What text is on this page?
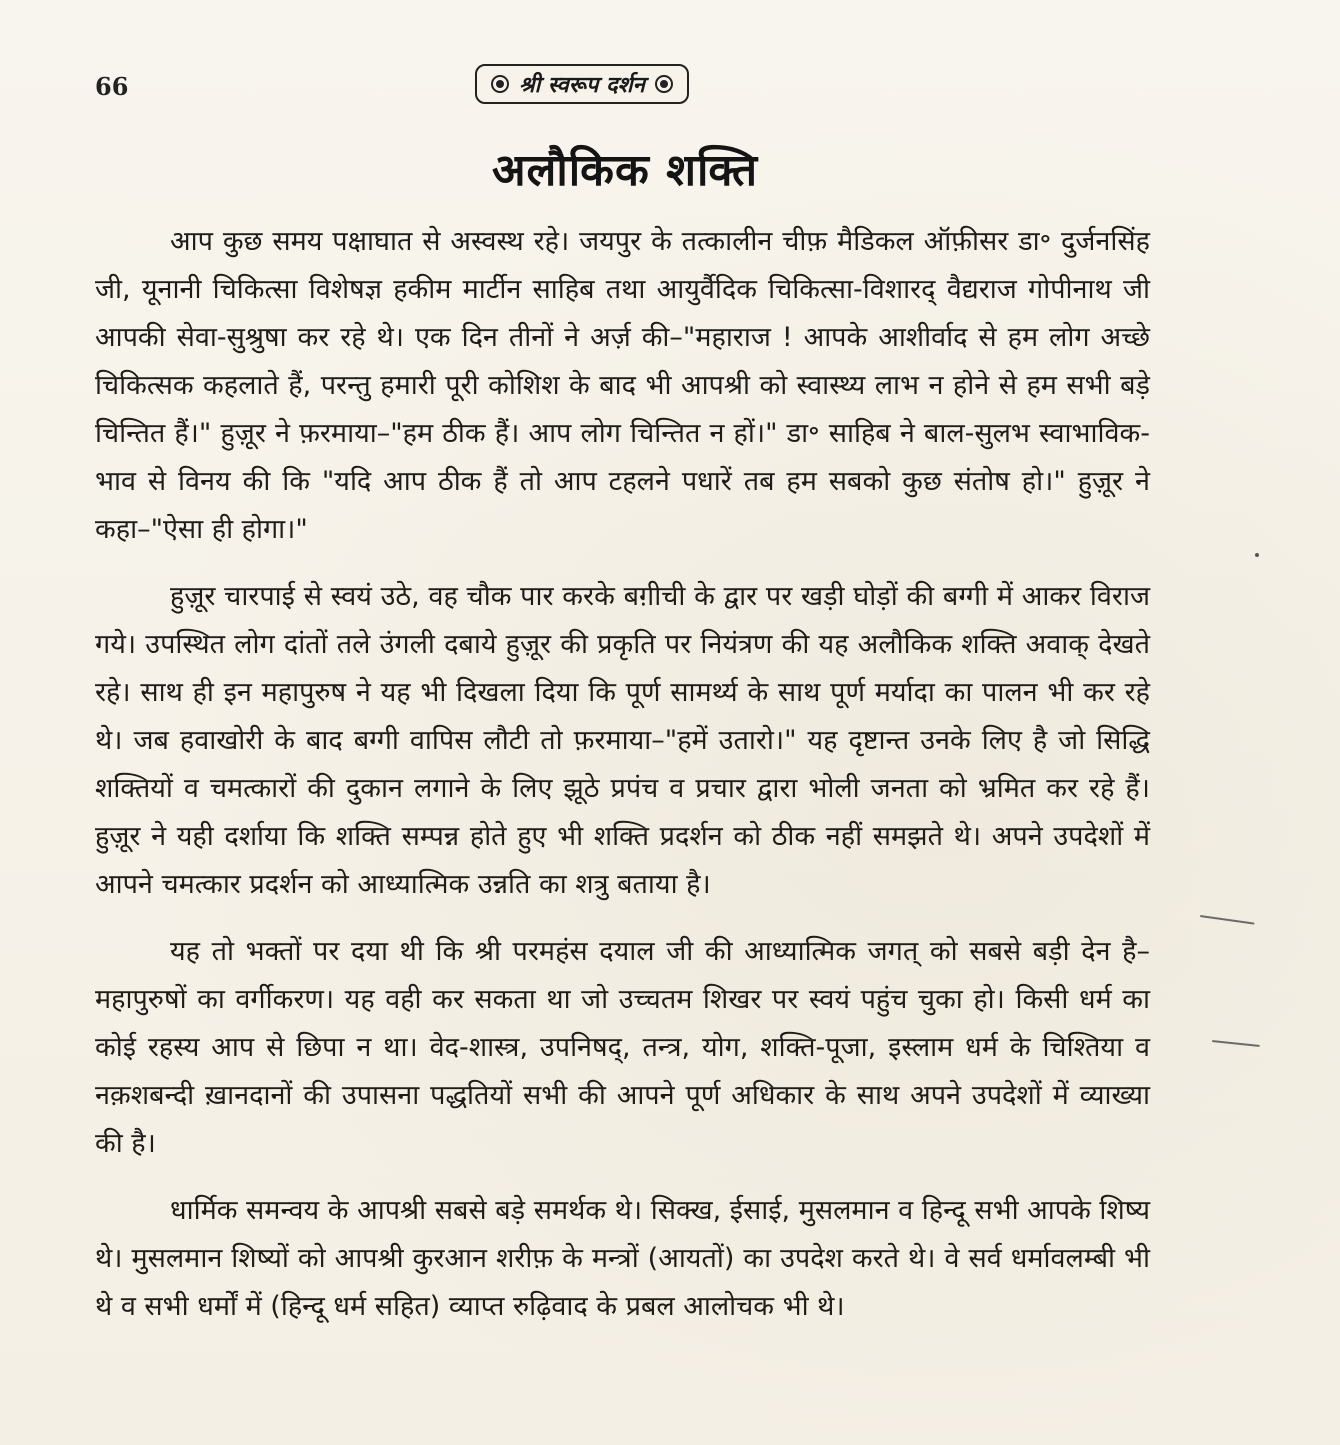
66	श्री स्वरूप दर्शन
अलौकिक शक्ति

आप कुछ समय पक्षाघात से अस्वस्थ रहे। जयपुर के तत्कालीन चीफ़ मैडिकल ऑफ़ीसर डा॰ दुर्जनसिंह जी, यूनानी चिकित्सा विशेषज्ञ हकीम मार्टीन साहिब तथा आयुर्वैदिक चिकित्सा-विशारद् वैद्यराज गोपीनाथ जी आपकी सेवा-सुश्रुषा कर रहे थे। एक दिन तीनों ने अर्ज़ की–"महाराज ! आपके आशीर्वाद से हम लोग अच्छे चिकित्सक कहलाते हैं, परन्तु हमारी पूरी कोशिश के बाद भी आपश्री को स्वास्थ्य लाभ न होने से हम सभी बड़े चिन्तित हैं।" हुज़ूर ने फ़रमाया–"हम ठीक हैं। आप लोग चिन्तित न हों।" डा॰ साहिब ने बाल-सुलभ स्वाभाविक-भाव से विनय की कि "यदि आप ठीक हैं तो आप टहलने पधारें तब हम सबको कुछ संतोष हो।" हुज़ूर ने कहा–"ऐसा ही होगा।"

हुज़ूर चारपाई से स्वयं उठे, वह चौक पार करके बग़ीची के द्वार पर खड़ी घोड़ों की बग्गी में आकर विराज गये। उपस्थित लोग दांतों तले उंगली दबाये हुज़ूर की प्रकृति पर नियंत्रण की यह अलौकिक शक्ति अवाक् देखते रहे। साथ ही इन महापुरुष ने यह भी दिखला दिया कि पूर्ण सामर्थ्य के साथ पूर्ण मर्यादा का पालन भी कर रहे थे। जब हवाखोरी के बाद बग्गी वापिस लौटी तो फ़रमाया–"हमें उतारो।" यह दृष्टान्त उनके लिए है जो सिद्धि शक्तियों व चमत्कारों की दुकान लगाने के लिए झूठे प्रपंच व प्रचार द्वारा भोली जनता को भ्रमित कर रहे हैं। हुज़ूर ने यही दर्शाया कि शक्ति सम्पन्न होते हुए भी शक्ति प्रदर्शन को ठीक नहीं समझते थे। अपने उपदेशों में आपने चमत्कार प्रदर्शन को आध्यात्मिक उन्नति का शत्रु बताया है।

यह तो भक्तों पर दया थी कि श्री परमहंस दयाल जी की आध्यात्मिक जगत् को सबसे बड़ी देन है–महापुरुषों का वर्गीकरण। यह वही कर सकता था जो उच्चतम शिखर पर स्वयं पहुंच चुका हो। किसी धर्म का कोई रहस्य आप से छिपा न था। वेद-शास्त्र, उपनिषद्, तन्त्र, योग, शक्ति-पूजा, इस्लाम धर्म के चिश्तिया व नक़शबन्दी ख़ानदानों की उपासना पद्धतियों सभी की आपने पूर्ण अधिकार के साथ अपने उपदेशों में व्याख्या की है।

धार्मिक समन्वय के आपश्री सबसे बड़े समर्थक थे। सिक्ख, ईसाई, मुसलमान व हिन्दू सभी आपके शिष्य थे। मुसलमान शिष्यों को आपश्री कुरआन शरीफ़ के मन्त्रों (आयतों) का उपदेश करते थे। वे सर्व धर्मावलम्बी भी थे व सभी धर्मों में (हिन्दू धर्म सहित) व्याप्त रुढ़िवाद के प्रबल आलोचक भी थे।
